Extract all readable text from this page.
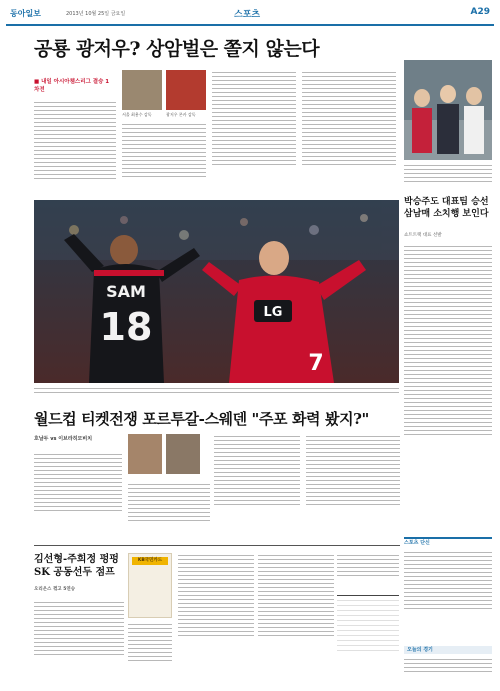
동아일보	2013년 10월 25일 금요일	스포츠	A29
공룡 광저우? 상암벌은 쫄지 않는다
■ 내일 아시아챔스리그 결승 1차전
서울 최용수 감독	광저우 콘카 감독
박승주도 대표팀 승선 삼남매 소치행 보인다
쇼트트랙 대표 선발
SAM
18	LG
7
월드컵 티켓전쟁 포르투갈-스웨덴 "주포 화력 봤지?"
호날두 vs 이브라히모비치
김선형-주희정 펑펑 SK 공동선두 점프
오리온스 꺾고 5연승
KB국민카드
스포츠 단신
오늘의 경기
